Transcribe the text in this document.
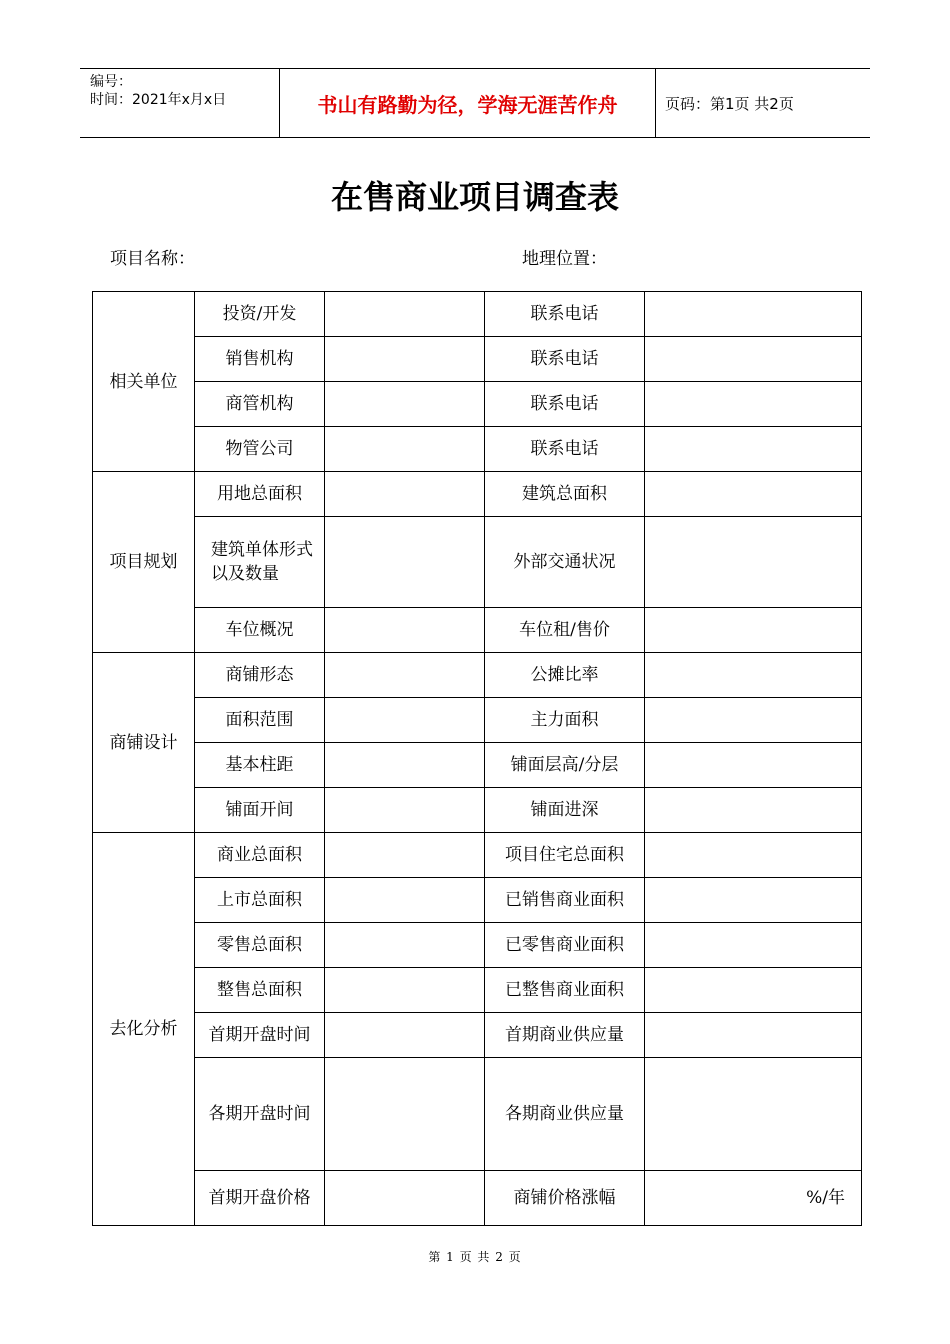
编号：
时间：2021年x月x日	书山有路勤为径，学海无涯苦作舟	页码：第1页 共2页
在售商业项目调查表
项目名称：	地理位置：
相关单位	投资/开发		联系电话	
	销售机构		联系电话	
	商管机构		联系电话	
	物管公司		联系电话	
项目规划	用地总面积		建筑总面积	
	建筑单体形式以及数量		外部交通状况	
	车位概况		车位租/售价	
商铺设计	商铺形态		公摊比率	
	面积范围		主力面积	
	基本柱距		铺面层高/分层	
	铺面开间		铺面进深	
去化分析	商业总面积		项目住宅总面积	
	上市总面积		已销售商业面积	
	零售总面积		已零售商业面积	
	整售总面积		已整售商业面积	
	首期开盘时间		首期商业供应量	
	各期开盘时间		各期商业供应量	
	首期开盘价格		商铺价格涨幅	%/年
第 1 页 共 2 页
